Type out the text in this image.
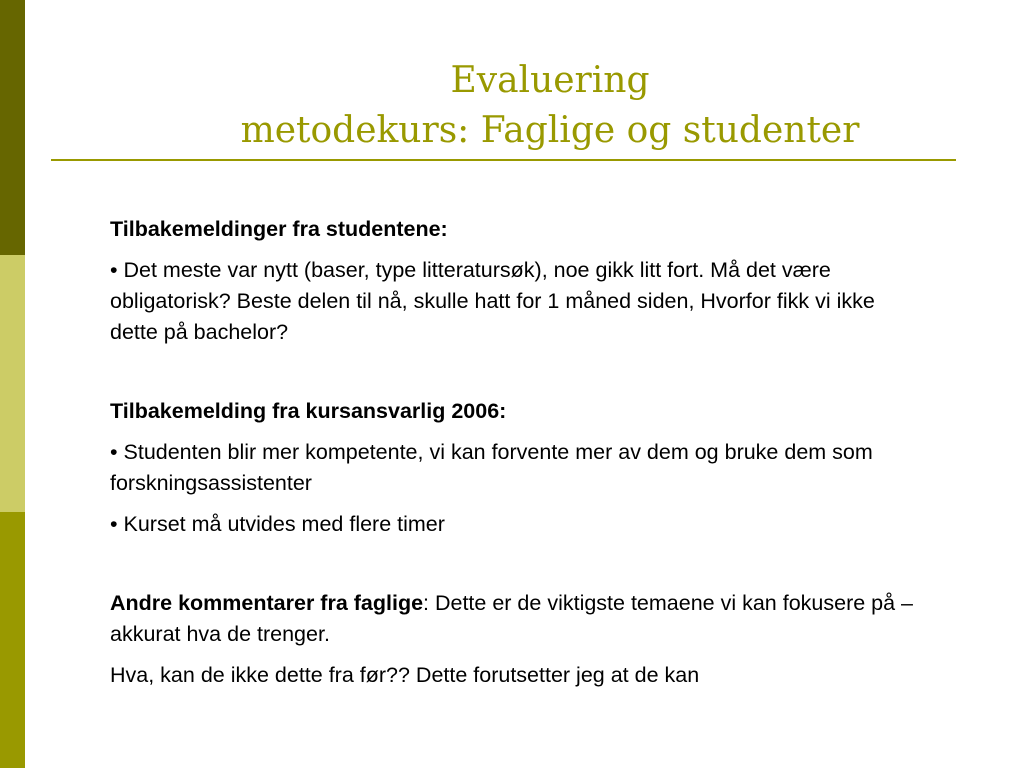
Evaluering
metodekurs: Faglige og studenter

Tilbakemeldinger fra studentene:

• Det meste var nytt (baser, type litteratursøk), noe gikk litt fort. Må det være obligatorisk? Beste delen til nå, skulle hatt for 1 måned siden, Hvorfor fikk vi ikke dette på bachelor?

Tilbakemelding fra kursansvarlig 2006:

• Studenten blir mer kompetente, vi kan forvente mer av dem og bruke dem som forskningsassistenter

• Kurset må utvides med flere timer

Andre kommentarer fra faglige: Dette er de viktigste temaene vi kan fokusere på – akkurat hva de trenger.

Hva, kan de ikke dette fra før?? Dette forutsetter jeg at de kan
